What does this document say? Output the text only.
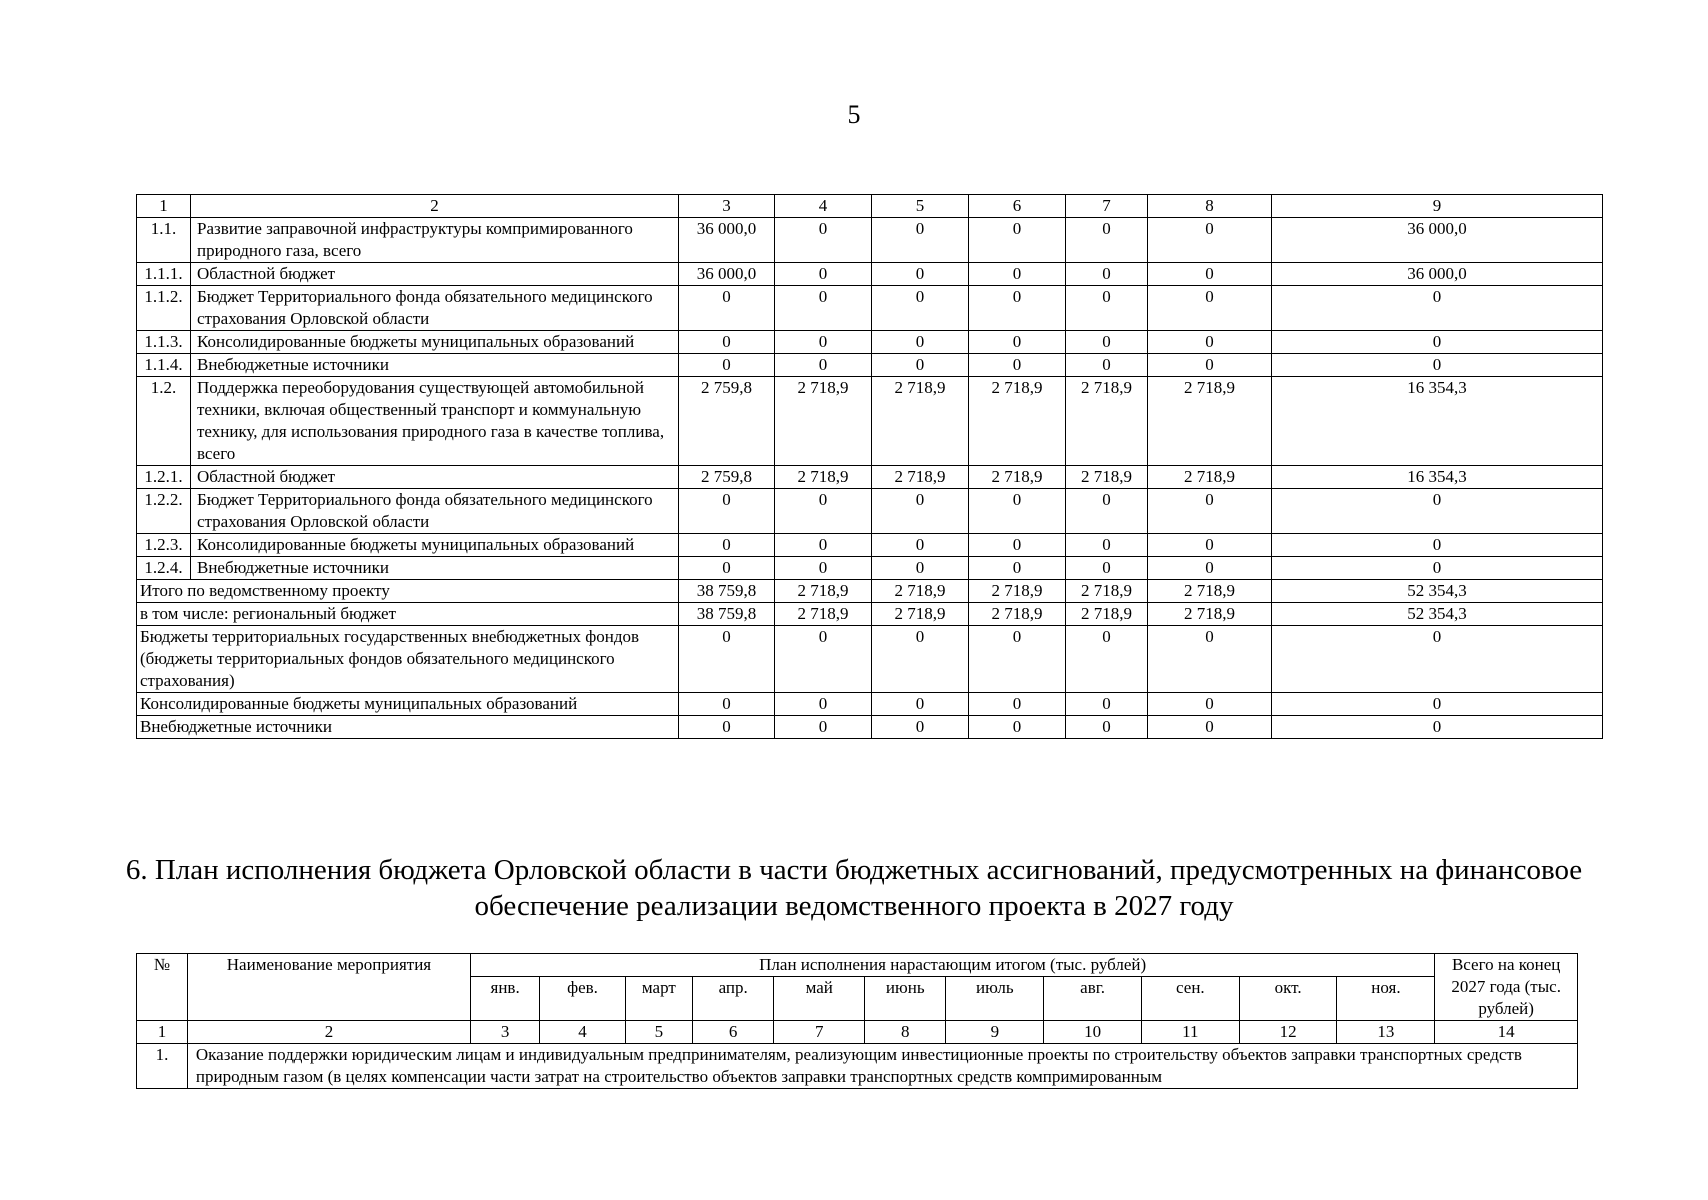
5
1	2	3	4	5	6	7	8	9
1.1.	Развитие заправочной инфраструктуры компримированного природного газа, всего	36 000,0	0	0	0	0	0	36 000,0
1.1.1.	Областной бюджет	36 000,0	0	0	0	0	0	36 000,0
1.1.2.	Бюджет Территориального фонда обязательного медицинского страхования Орловской области	0	0	0	0	0	0	0
1.1.3.	Консолидированные бюджеты муниципальных образований	0	0	0	0	0	0	0
1.1.4.	Внебюджетные источники	0	0	0	0	0	0	0
1.2.	Поддержка переоборудования существующей автомобильной техники, включая общественный транспорт и коммунальную технику, для использования природного газа в качестве топлива, всего	2 759,8	2 718,9	2 718,9	2 718,9	2 718,9	2 718,9	16 354,3
1.2.1.	Областной бюджет	2 759,8	2 718,9	2 718,9	2 718,9	2 718,9	2 718,9	16 354,3
1.2.2.	Бюджет Территориального фонда обязательного медицинского страхования Орловской области	0	0	0	0	0	0	0
1.2.3.	Консолидированные бюджеты муниципальных образований	0	0	0	0	0	0	0
1.2.4.	Внебюджетные источники	0	0	0	0	0	0	0
Итого по ведомственному проекту		38 759,8	2 718,9	2 718,9	2 718,9	2 718,9	2 718,9	52 354,3
в том числе: региональный бюджет		38 759,8	2 718,9	2 718,9	2 718,9	2 718,9	2 718,9	52 354,3
Бюджеты территориальных государственных внебюджетных фондов (бюджеты территориальных фондов обязательного медицинского страхования)		0	0	0	0	0	0	0
Консолидированные бюджеты муниципальных образований		0	0	0	0	0	0	0
Внебюджетные источники		0	0	0	0	0	0	0
6. План исполнения бюджета Орловской области в части бюджетных ассигнований, предусмотренных на финансовое
обеспечение реализации ведомственного проекта в 2027 году
№	Наименование мероприятия	План исполнения нарастающим итогом (тыс. рублей)											Всего на конец 2027 года (тыс. рублей)
		янв.	фев.	март	апр.	май	июнь	июль	авг.	сен.	окт.	ноя.	
1	2	3	4	5	6	7	8	9	10	11	12	13	14
1.	Оказание поддержки юридическим лицам и индивидуальным предпринимателям, реализующим инвестиционные проекты по строительству объектов заправки транспортных средств природным газом (в целях компенсации части затрат на строительство объектов заправки транспортных средств компримированным												
